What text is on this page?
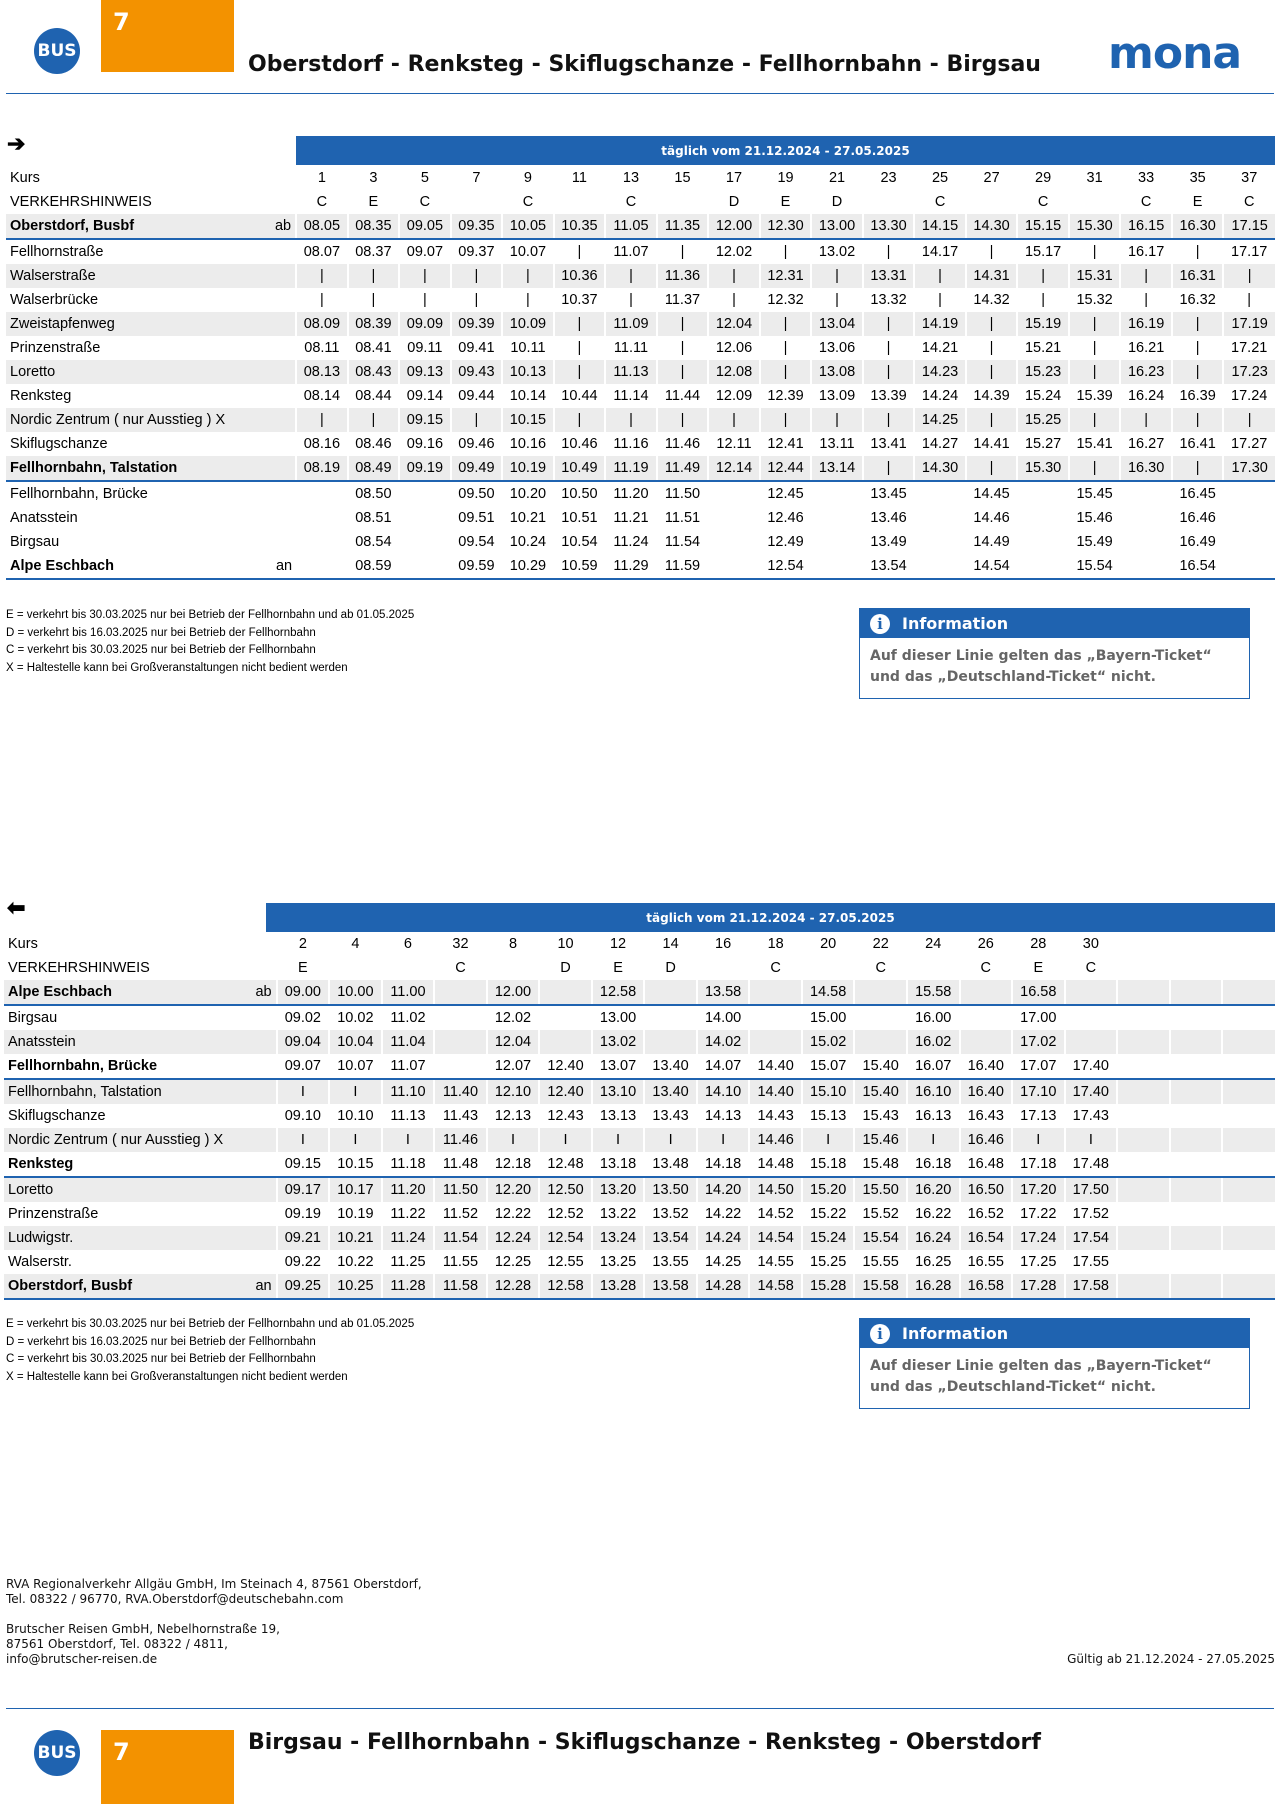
BUS
7
Oberstdorf - Renksteg - Skiflugschanze - Fellhornbahn - Birgsau mona
➔	täglich vom 21.12.2024 - 27.05.2025
Kurs		1	3	5	7	9	11	13	15	17	19	21	23	25	27	29	31	33	35	37
VERKEHRSHINWEIS		C	E	C		C		C		D	E	D		C		C		C	E	C
Oberstdorf, Busbf	ab	08.05	08.35	09.05	09.35	10.05	10.35	11.05	11.35	12.00	12.30	13.00	13.30	14.15	14.30	15.15	15.30	16.15	16.30	17.15
Fellhornstraße		08.07	08.37	09.07	09.37	10.07	|	11.07	|	12.02	|	13.02	|	14.17	|	15.17	|	16.17	|	17.17
Walserstraße		|	|	|	|	|	10.36	|	11.36	|	12.31	|	13.31	|	14.31	|	15.31	|	16.31	|
Walserbrücke		|	|	|	|	|	10.37	|	11.37	|	12.32	|	13.32	|	14.32	|	15.32	|	16.32	|
Zweistapfenweg		08.09	08.39	09.09	09.39	10.09	|	11.09	|	12.04	|	13.04	|	14.19	|	15.19	|	16.19	|	17.19
Prinzenstraße		08.11	08.41	09.11	09.41	10.11	|	11.11	|	12.06	|	13.06	|	14.21	|	15.21	|	16.21	|	17.21
Loretto		08.13	08.43	09.13	09.43	10.13	|	11.13	|	12.08	|	13.08	|	14.23	|	15.23	|	16.23	|	17.23
Renksteg		08.14	08.44	09.14	09.44	10.14	10.44	11.14	11.44	12.09	12.39	13.09	13.39	14.24	14.39	15.24	15.39	16.24	16.39	17.24
Nordic Zentrum ( nur Ausstieg ) X		|	|	09.15	|	10.15	|	|	|	|	|	|	|	14.25	|	15.25	|	|	|	|
Skiflugschanze		08.16	08.46	09.16	09.46	10.16	10.46	11.16	11.46	12.11	12.41	13.11	13.41	14.27	14.41	15.27	15.41	16.27	16.41	17.27
Fellhornbahn, Talstation		08.19	08.49	09.19	09.49	10.19	10.49	11.19	11.49	12.14	12.44	13.14	|	14.30	|	15.30	|	16.30	|	17.30
Fellhornbahn, Brücke			08.50		09.50	10.20	10.50	11.20	11.50		12.45		13.45		14.45		15.45		16.45	
Anatsstein			08.51		09.51	10.21	10.51	11.21	11.51		12.46		13.46		14.46		15.46		16.46	
Birgsau			08.54		09.54	10.24	10.54	11.24	11.54		12.49		13.49		14.49		15.49		16.49	
Alpe Eschbach	an		08.59		09.59	10.29	10.59	11.29	11.59		12.54		13.54		14.54		15.54		16.54	
E = verkehrt bis 30.03.2025 nur bei Betrieb der Fellhornbahn und ab 01.05.2025
D = verkehrt bis 16.03.2025 nur bei Betrieb der Fellhornbahn
C = verkehrt bis 30.03.2025 nur bei Betrieb der Fellhornbahn
X = Haltestelle kann bei Großveranstaltungen nicht bedient werden
i	Information
Auf dieser Linie gelten das „Bayern-Ticket“ und das „Deutschland-Ticket“ nicht.
⬅	täglich vom 21.12.2024 - 27.05.2025
Kurs		2	4	6	32	8	10	12	14	16	18	20	22	24	26	28	30			
VERKEHRSHINWEIS		E			C		D	E	D		C		C		C	E	C			
Alpe Eschbach	ab	09.00	10.00	11.00		12.00		12.58		13.58		14.58		15.58		16.58				
Birgsau		09.02	10.02	11.02		12.02		13.00		14.00		15.00		16.00		17.00				
Anatsstein		09.04	10.04	11.04		12.04		13.02		14.02		15.02		16.02		17.02				
Fellhornbahn, Brücke		09.07	10.07	11.07		12.07	12.40	13.07	13.40	14.07	14.40	15.07	15.40	16.07	16.40	17.07	17.40			
Fellhornbahn, Talstation		I	I	11.10	11.40	12.10	12.40	13.10	13.40	14.10	14.40	15.10	15.40	16.10	16.40	17.10	17.40			
Skiflugschanze		09.10	10.10	11.13	11.43	12.13	12.43	13.13	13.43	14.13	14.43	15.13	15.43	16.13	16.43	17.13	17.43			
Nordic Zentrum ( nur Ausstieg ) X		I	I	I	11.46	I	I	I	I	I	14.46	I	15.46	I	16.46	I	I			
Renksteg		09.15	10.15	11.18	11.48	12.18	12.48	13.18	13.48	14.18	14.48	15.18	15.48	16.18	16.48	17.18	17.48			
Loretto		09.17	10.17	11.20	11.50	12.20	12.50	13.20	13.50	14.20	14.50	15.20	15.50	16.20	16.50	17.20	17.50			
Prinzenstraße		09.19	10.19	11.22	11.52	12.22	12.52	13.22	13.52	14.22	14.52	15.22	15.52	16.22	16.52	17.22	17.52			
Ludwigstr.		09.21	10.21	11.24	11.54	12.24	12.54	13.24	13.54	14.24	14.54	15.24	15.54	16.24	16.54	17.24	17.54			
Walserstr.		09.22	10.22	11.25	11.55	12.25	12.55	13.25	13.55	14.25	14.55	15.25	15.55	16.25	16.55	17.25	17.55			
Oberstdorf, Busbf	an	09.25	10.25	11.28	11.58	12.28	12.58	13.28	13.58	14.28	14.58	15.28	15.58	16.28	16.58	17.28	17.58			
E = verkehrt bis 30.03.2025 nur bei Betrieb der Fellhornbahn und ab 01.05.2025
D = verkehrt bis 16.03.2025 nur bei Betrieb der Fellhornbahn
C = verkehrt bis 30.03.2025 nur bei Betrieb der Fellhornbahn
X = Haltestelle kann bei Großveranstaltungen nicht bedient werden
i	Information
Auf dieser Linie gelten das „Bayern-Ticket“ und das „Deutschland-Ticket“ nicht.
RVA Regionalverkehr Allgäu GmbH, Im Steinach 4, 87561 Oberstdorf,
Tel. 08322 / 96770, RVA.Oberstdorf@deutschebahn.com
Brutscher Reisen GmbH, Nebelhornstraße 19,
87561 Oberstdorf, Tel. 08322 / 4811,
info@brutscher-reisen.de	Gültig ab 21.12.2024 - 27.05.2025
BUS 7	Birgsau - Fellhornbahn - Skiflugschanze - Renksteg - Oberstdorf
